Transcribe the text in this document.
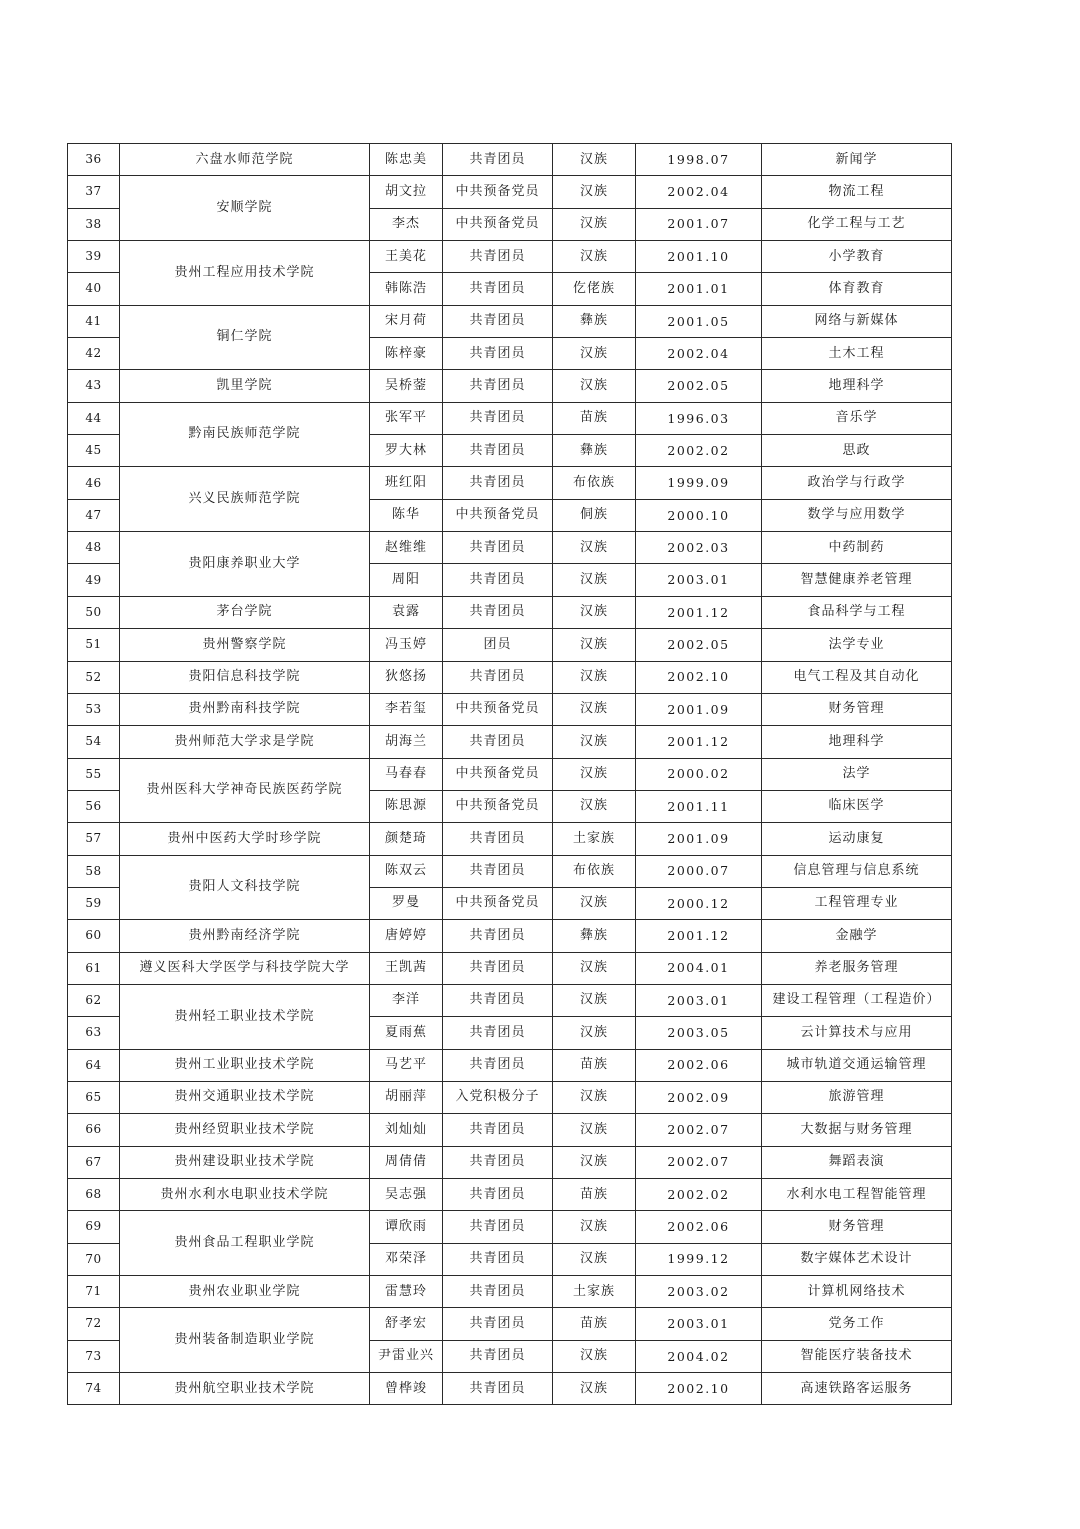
36	六盘水师范学院	陈忠美	共青团员	汉族	1998.07	新闻学
37	安顺学院	胡文拉	中共预备党员	汉族	2002.04	物流工程
38		李杰	中共预备党员	汉族	2001.07	化学工程与工艺
39	贵州工程应用技术学院	王美花	共青团员	汉族	2001.10	小学教育
40		韩陈浩	共青团员	仡佬族	2001.01	体育教育
41	铜仁学院	宋月荷	共青团员	彝族	2001.05	网络与新媒体
42		陈梓豪	共青团员	汉族	2002.04	土木工程
43	凯里学院	吴桥蓥	共青团员	汉族	2002.05	地理科学
44	黔南民族师范学院	张军平	共青团员	苗族	1996.03	音乐学
45		罗大林	共青团员	彝族	2002.02	思政
46	兴义民族师范学院	班红阳	共青团员	布依族	1999.09	政治学与行政学
47		陈华	中共预备党员	侗族	2000.10	数学与应用数学
48	贵阳康养职业大学	赵维维	共青团员	汉族	2002.03	中药制药
49		周阳	共青团员	汉族	2003.01	智慧健康养老管理
50	茅台学院	袁露	共青团员	汉族	2001.12	食品科学与工程
51	贵州警察学院	冯玉婷	团员	汉族	2002.05	法学专业
52	贵阳信息科技学院	狄悠扬	共青团员	汉族	2002.10	电气工程及其自动化
53	贵州黔南科技学院	李若玺	中共预备党员	汉族	2001.09	财务管理
54	贵州师范大学求是学院	胡海兰	共青团员	汉族	2001.12	地理科学
55	贵州医科大学神奇民族医药学院	马春春	中共预备党员	汉族	2000.02	法学
56		陈思源	中共预备党员	汉族	2001.11	临床医学
57	贵州中医药大学时珍学院	颜楚琦	共青团员	土家族	2001.09	运动康复
58	贵阳人文科技学院	陈双云	共青团员	布依族	2000.07	信息管理与信息系统
59		罗曼	中共预备党员	汉族	2000.12	工程管理专业
60	贵州黔南经济学院	唐婷婷	共青团员	彝族	2001.12	金融学
61	遵义医科大学医学与科技学院大学	王凯茜	共青团员	汉族	2004.01	养老服务管理
62	贵州轻工职业技术学院	李洋	共青团员	汉族	2003.01	建设工程管理（工程造价）
63		夏雨蕉	共青团员	汉族	2003.05	云计算技术与应用
64	贵州工业职业技术学院	马艺平	共青团员	苗族	2002.06	城市轨道交通运输管理
65	贵州交通职业技术学院	胡丽萍	入党积极分子	汉族	2002.09	旅游管理
66	贵州经贸职业技术学院	刘灿灿	共青团员	汉族	2002.07	大数据与财务管理
67	贵州建设职业技术学院	周倩倩	共青团员	汉族	2002.07	舞蹈表演
68	贵州水利水电职业技术学院	吴志强	共青团员	苗族	2002.02	水利水电工程智能管理
69	贵州食品工程职业学院	谭欣雨	共青团员	汉族	2002.06	财务管理
70		邓荣泽	共青团员	汉族	1999.12	数字媒体艺术设计
71	贵州农业职业学院	雷慧玲	共青团员	土家族	2003.02	计算机网络技术
72	贵州装备制造职业学院	舒孝宏	共青团员	苗族	2003.01	党务工作
73		尹雷业兴	共青团员	汉族	2004.02	智能医疗装备技术
74	贵州航空职业技术学院	曾桦竣	共青团员	汉族	2002.10	高速铁路客运服务
